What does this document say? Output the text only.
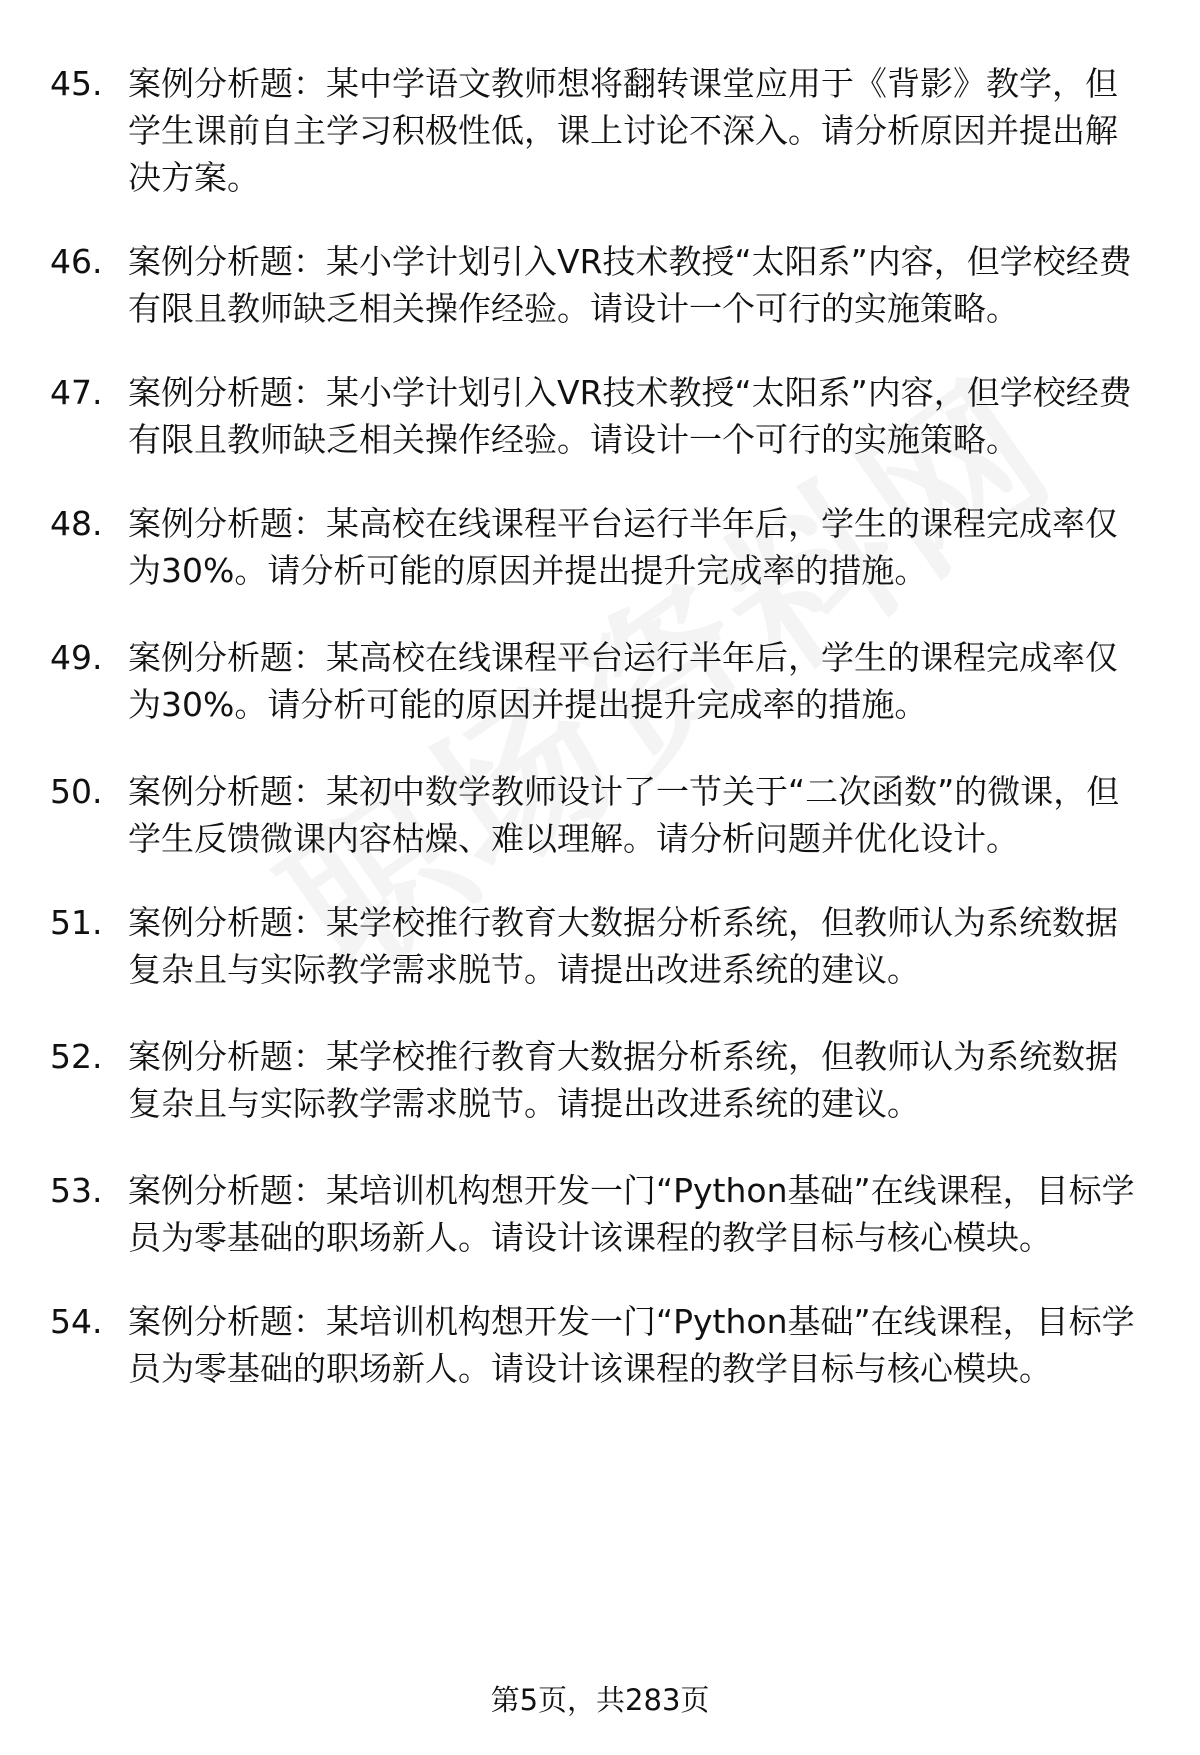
45. 案例分析题：某中学语文教师想将翻转课堂应用于《背影》教学，但学生课前自主学习积极性低，课上讨论不深入。请分析原因并提出解决方案。
46. 案例分析题：某小学计划引入VR技术教授“太阳系”内容，但学校经费有限且教师缺乏相关操作经验。请设计一个可行的实施策略。
47. 案例分析题：某小学计划引入VR技术教授“太阳系”内容，但学校经费有限且教师缺乏相关操作经验。请设计一个可行的实施策略。
48. 案例分析题：某高校在线课程平台运行半年后，学生的课程完成率仅为30%。请分析可能的原因并提出提升完成率的措施。
49. 案例分析题：某高校在线课程平台运行半年后，学生的课程完成率仅为30%。请分析可能的原因并提出提升完成率的措施。
50. 案例分析题：某初中数学教师设计了一节关于“二次函数”的微课，但学生反馈微课内容枯燥、难以理解。请分析问题并优化设计。
51. 案例分析题：某学校推行教育大数据分析系统，但教师认为系统数据复杂且与实际教学需求脱节。请提出改进系统的建议。
52. 案例分析题：某学校推行教育大数据分析系统，但教师认为系统数据复杂且与实际教学需求脱节。请提出改进系统的建议。
53. 案例分析题：某培训机构想开发一门“Python基础”在线课程，目标学员为零基础的职场新人。请设计该课程的教学目标与核心模块。
54. 案例分析题：某培训机构想开发一门“Python基础”在线课程，目标学员为零基础的职场新人。请设计该课程的教学目标与核心模块。
第5页，共283页
